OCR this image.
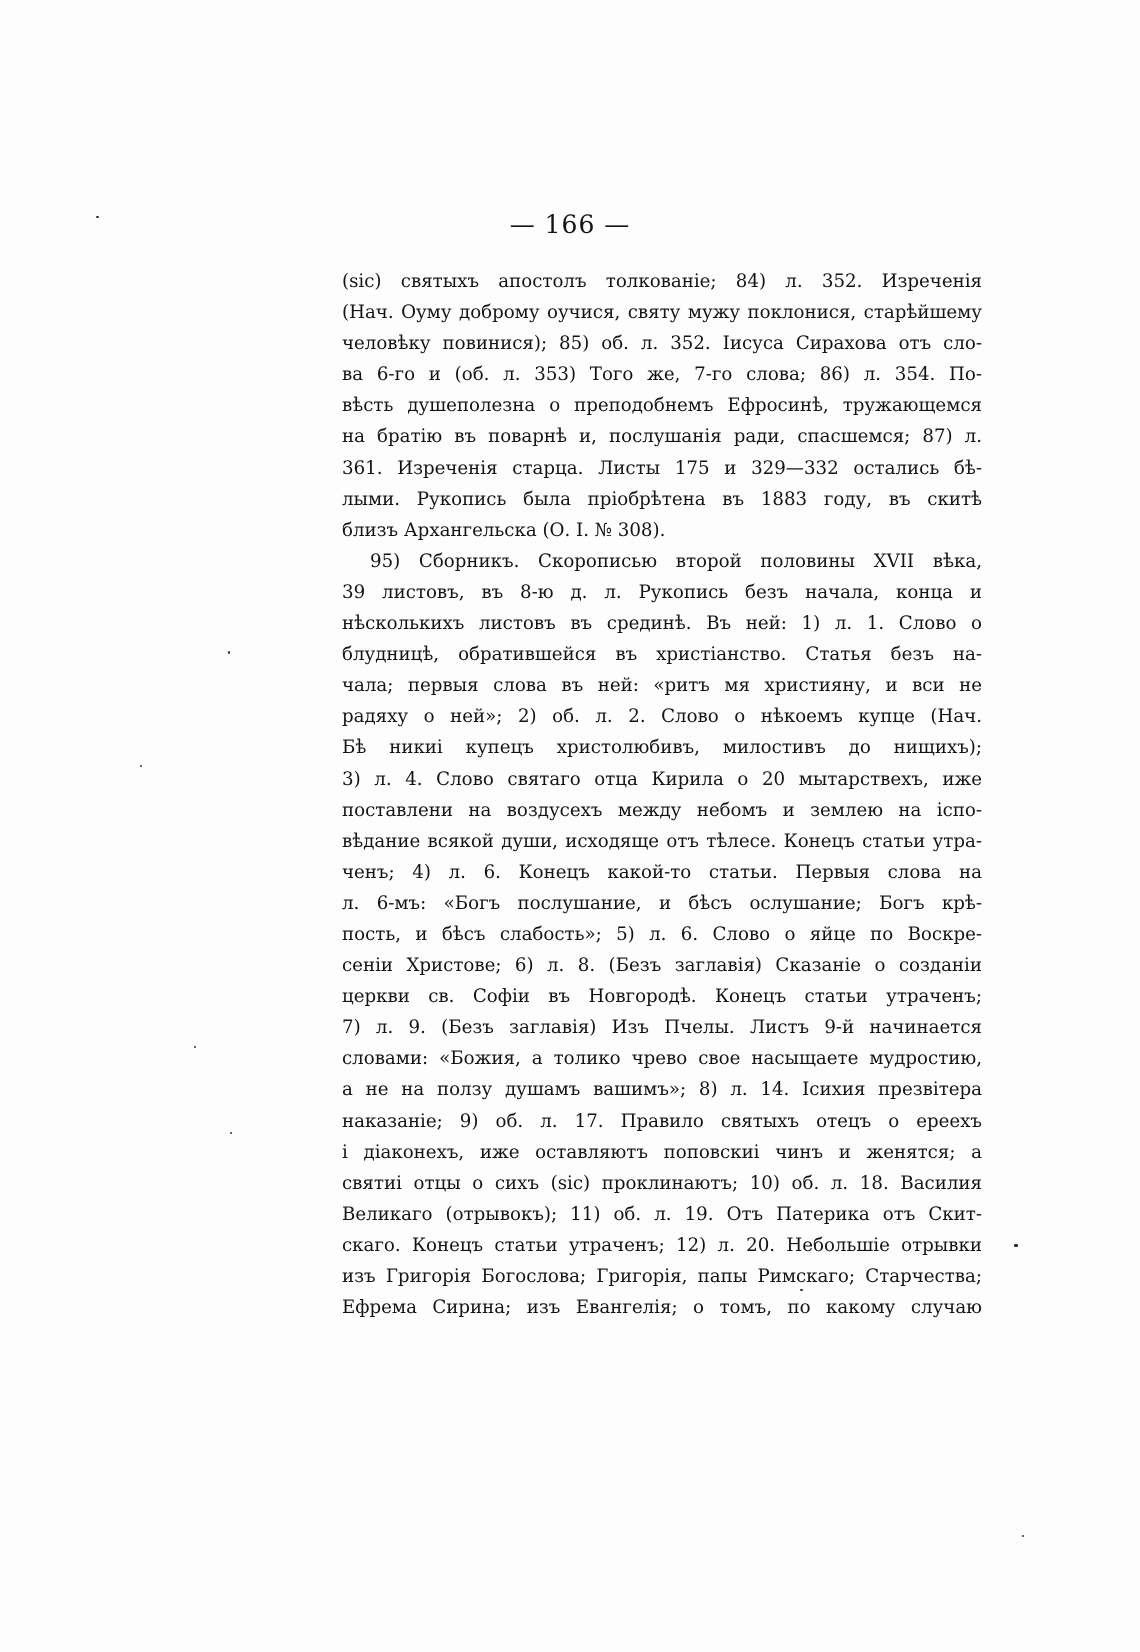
— 166 —
(sic) святыхъ апостолъ толкованіе; 84) л. 352. Изреченія
(Нач. Оуму доброму оучися, святу мужу поклонися, старѣйшему
человѣку повинися); 85) об. л. 352. Іисуса Сирахова отъ сло-
ва 6-го и (об. л. 353) Того же, 7-го слова; 86) л. 354. По-
вѣсть душеполезна о преподобнемъ Ефросинѣ, тружающемся
на братію въ поварнѣ и, послушанія ради, спасшемся; 87) л.
361. Изреченія старца. Листы 175 и 329—332 остались бѣ-
лыми. Рукопись была пріобрѣтена въ 1883 году, въ скитѣ
близъ Архангельска (О. I. № 308).
95) Сборникъ. Скорописью второй половины XVII вѣка,
39 листовъ, въ 8-ю д. л. Рукопись безъ начала, конца и
нѣсколькихъ листовъ въ срединѣ. Въ ней: 1) л. 1. Слово о
блудницѣ, обратившейся въ христіанство. Статья безъ на-
чала; первыя слова въ ней: «ритъ мя християну, и вси не
радяху о ней»; 2) об. л. 2. Слово о нѣкоемъ купце (Нач.
Бѣ никиі купецъ христолюбивъ, милостивъ до нищихъ);
3) л. 4. Слово святаго отца Кирила о 20 мытарствехъ, иже
поставлени на воздусехъ между небомъ и землею на іспо-
вѣдание всякой души, исходяще отъ тѣлесе. Конецъ статьи утра-
ченъ; 4) л. 6. Конецъ какой-то статьи. Первыя слова на
л. 6-мъ: «Богъ послушание, и бѣсъ ослушание; Богъ крѣ-
пость, и бѣсъ слабость»; 5) л. 6. Слово о яйце по Воскре-
сеніи Христове; 6) л. 8. (Безъ заглавія) Сказаніе о созданіи
церкви св. Софіи въ Новгородѣ. Конецъ статьи утраченъ;
7) л. 9. (Безъ заглавія) Изъ Пчелы. Листъ 9-й начинается
словами: «Божия, а толико чрево свое насыщаете мудростию,
а не на ползу душамъ вашимъ»; 8) л. 14. Ісихия презвітера
наказаніе; 9) об. л. 17. Правило святыхъ отецъ о ереехъ
і діаконехъ, иже оставляютъ поповскиі чинъ и женятся; а
святиі отцы о сихъ (sic) проклинаютъ; 10) об. л. 18. Василия
Великаго (отрывокъ); 11) об. л. 19. Отъ Патерика отъ Скит-
скаго. Конецъ статьи утраченъ; 12) л. 20. Небольшіе отрывки
изъ Григорія Богослова; Григорія, папы Римскаго; Старчества;
Ефрема Сирина; изъ Евангелія; о томъ, по какому случаю
